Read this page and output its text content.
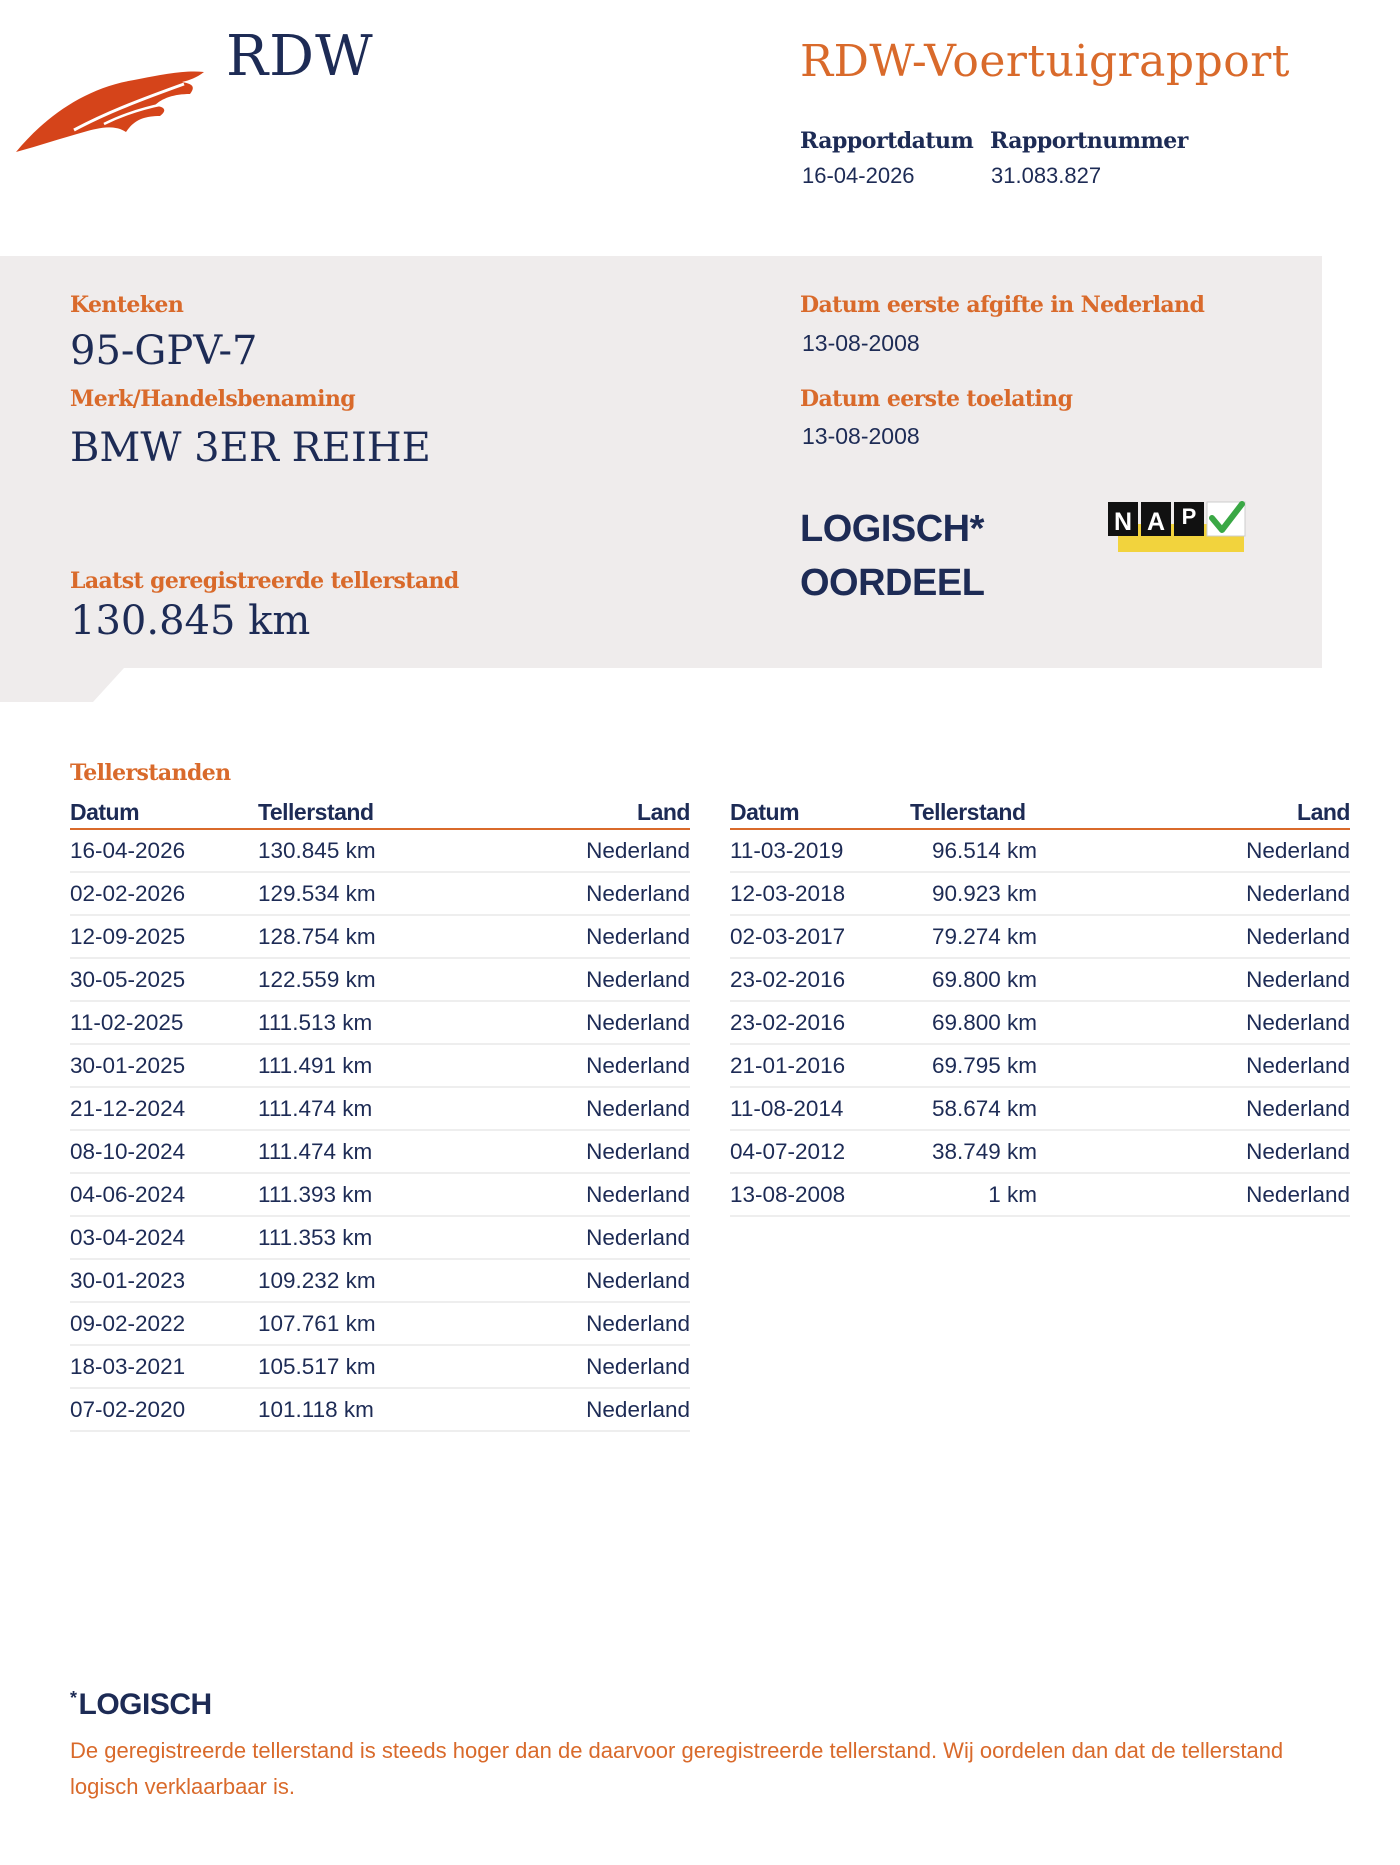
RDW	RDW-Voertuigrapport
Rapportdatum
16-04-2026
Rapportnummer
31.083.827
Kenteken
95-GPV-7
Merk/Handelsbenaming
BMW 3ER REIHE
Laatst geregistreerde tellerstand
130.845 km
Datum eerste afgifte in Nederland
13-08-2008
Datum eerste toelating
13-08-2008
LOGISCH*
OORDEEL
N A P
Tellerstanden
Datum	Tellerstand	Land
16-04-2026	130.845 km	Nederland
02-02-2026	129.534 km	Nederland
12-09-2025	128.754 km	Nederland
30-05-2025	122.559 km	Nederland
11-02-2025	111.513 km	Nederland
30-01-2025	111.491 km	Nederland
21-12-2024	111.474 km	Nederland
08-10-2024	111.474 km	Nederland
04-06-2024	111.393 km	Nederland
03-04-2024	111.353 km	Nederland
30-01-2023	109.232 km	Nederland
09-02-2022	107.761 km	Nederland
18-03-2021	105.517 km	Nederland
07-02-2020	101.118 km	Nederland
Datum	Tellerstand	Land
11-03-2019	96.514 km	Nederland
12-03-2018	90.923 km	Nederland
02-03-2017	79.274 km	Nederland
23-02-2016	69.800 km	Nederland
23-02-2016	69.800 km	Nederland
21-01-2016	69.795 km	Nederland
11-08-2014	58.674 km	Nederland
04-07-2012	38.749 km	Nederland
13-08-2008	1 km	Nederland
*LOGISCH
De geregistreerde tellerstand is steeds hoger dan de daarvoor geregistreerde tellerstand. Wij oordelen dan dat de tellerstand logisch verklaarbaar is.
